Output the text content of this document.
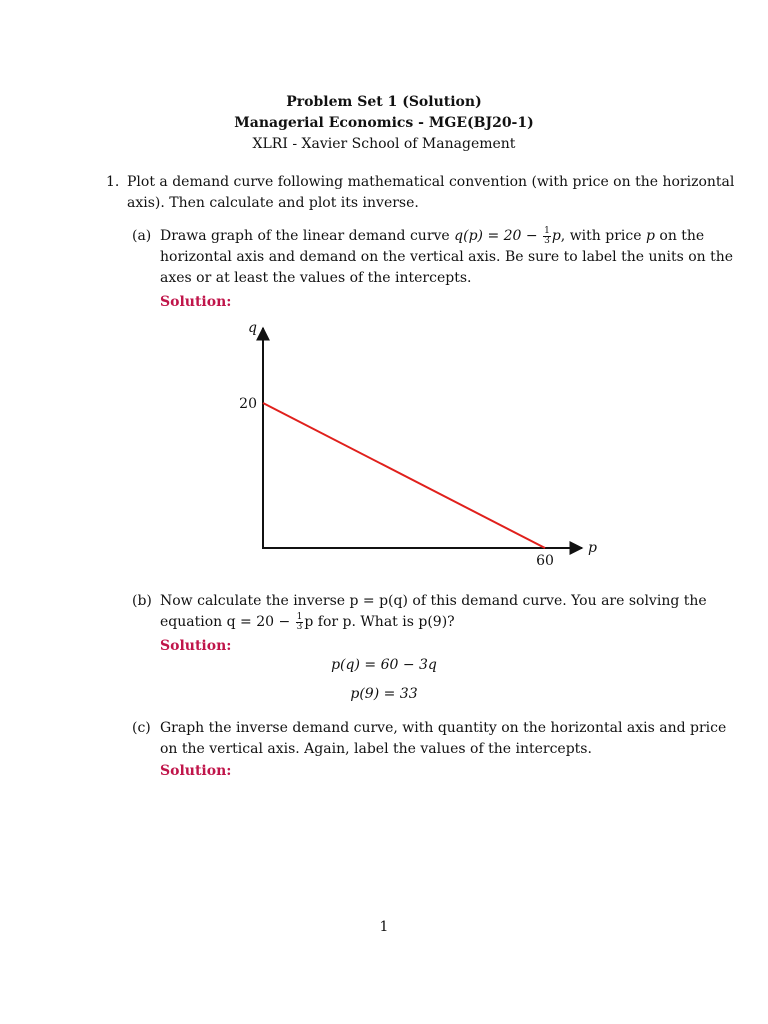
Problem Set 1 (Solution)
Managerial Economics - MGE(BJ20-1)
XLRI - Xavier School of Management
1. Plot a demand curve following mathematical convention (with price on the horizontal
axis). Then calculate and plot its inverse.
(a) Drawa graph of the linear demand curve $q(p) = 20 - \frac{1}{3} p$, with price p on the
horizontal axis and demand on the vertical axis. Be sure to label the units on the
axes or at least the values of the intercepts.
Solution:
q
p
20
60
(b) Now calculate the inverse p = p(q) of this demand curve. You are solving the
equation $q = 20 - \frac{1}{3}$ p for p. What is p(9)?
Solution:
p(q) = 60 − 3q
p(9) = 33
(c) Graph the inverse demand curve, with quantity on the horizontal axis and price
on the vertical axis. Again, label the values of the intercepts.
Solution:
1
